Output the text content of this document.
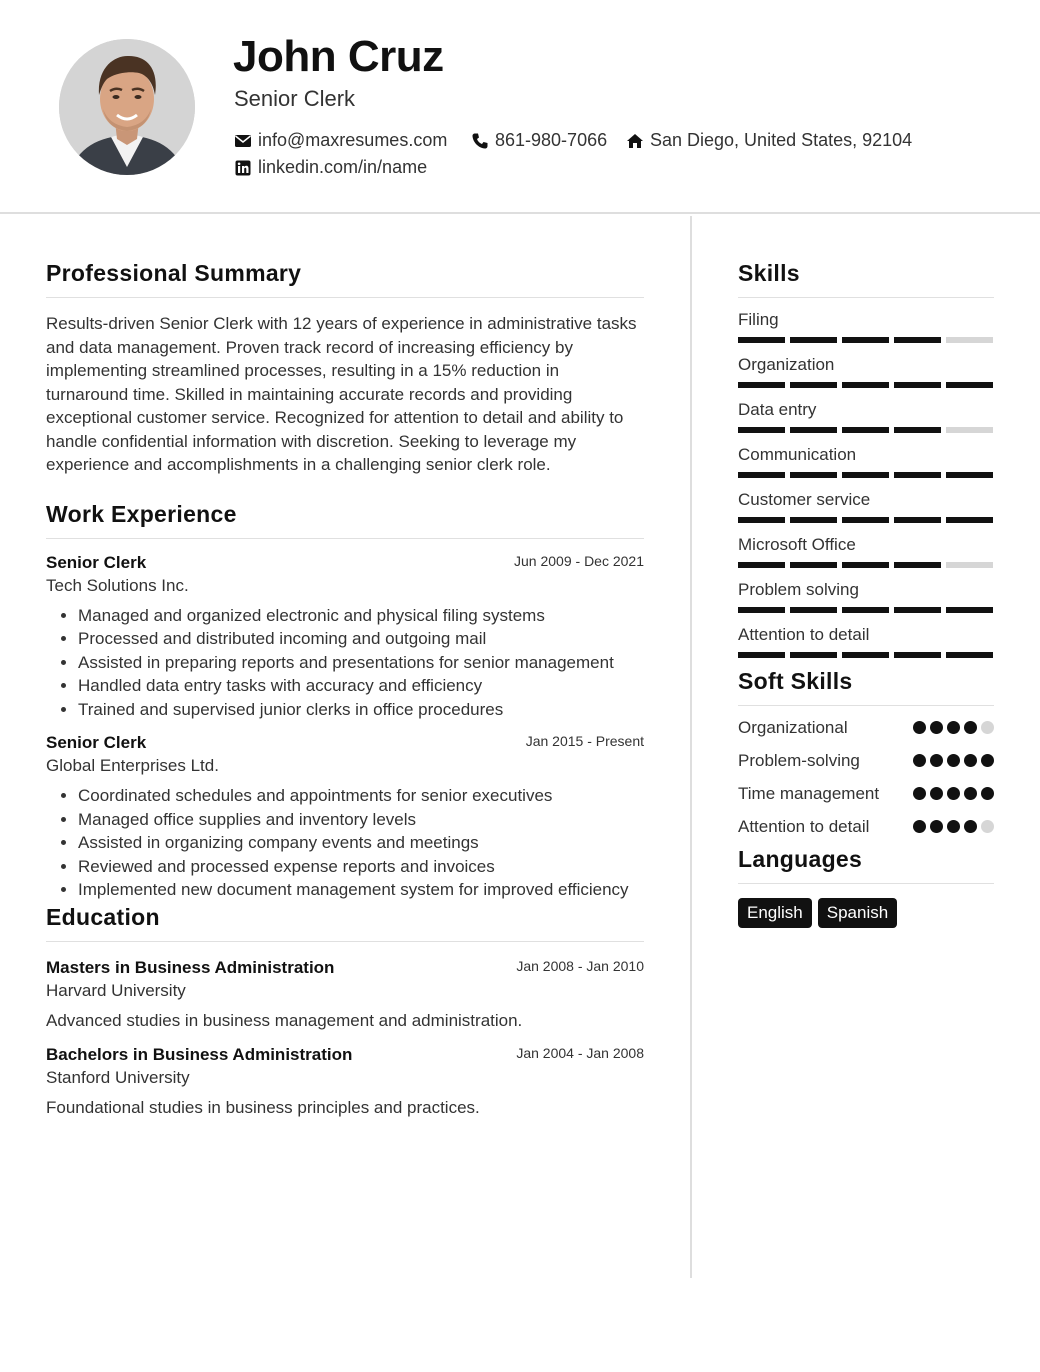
John Cruz
Senior Clerk
info@maxresumes.com	861-980-7066 San Diego, United States, 92104
linkedin.com/in/name
Professional Summary
Results-driven Senior Clerk with 12 years of experience in administrative tasks and data management. Proven track record of increasing efficiency by implementing streamlined processes, resulting in a 15% reduction in turnaround time. Skilled in maintaining accurate records and providing exceptional customer service. Recognized for attention to detail and ability to handle confidential information with discretion. Seeking to leverage my experience and accomplishments in a challenging senior clerk role.
Work Experience
Senior Clerk	Jun 2009 - Dec 2021
Tech Solutions Inc.
• Managed and organized electronic and physical filing systems
• Processed and distributed incoming and outgoing mail
• Assisted in preparing reports and presentations for senior management
• Handled data entry tasks with accuracy and efficiency
• Trained and supervised junior clerks in office procedures
Senior Clerk	Jan 2015 - Present
Global Enterprises Ltd.
• Coordinated schedules and appointments for senior executives
• Managed office supplies and inventory levels
• Assisted in organizing company events and meetings
• Reviewed and processed expense reports and invoices
• Implemented new document management system for improved efficiency
Education
Masters in Business Administration	Jan 2008 - Jan 2010
Harvard University
Advanced studies in business management and administration.
Bachelors in Business Administration	Jan 2004 - Jan 2008
Stanford University
Foundational studies in business principles and practices.
Skills
Filing
Organization
Data entry
Communication
Customer service
Microsoft Office
Problem solving
Attention to detail
Soft Skills
Organizational
Problem-solving
Time management
Attention to detail
Languages
English	Spanish
